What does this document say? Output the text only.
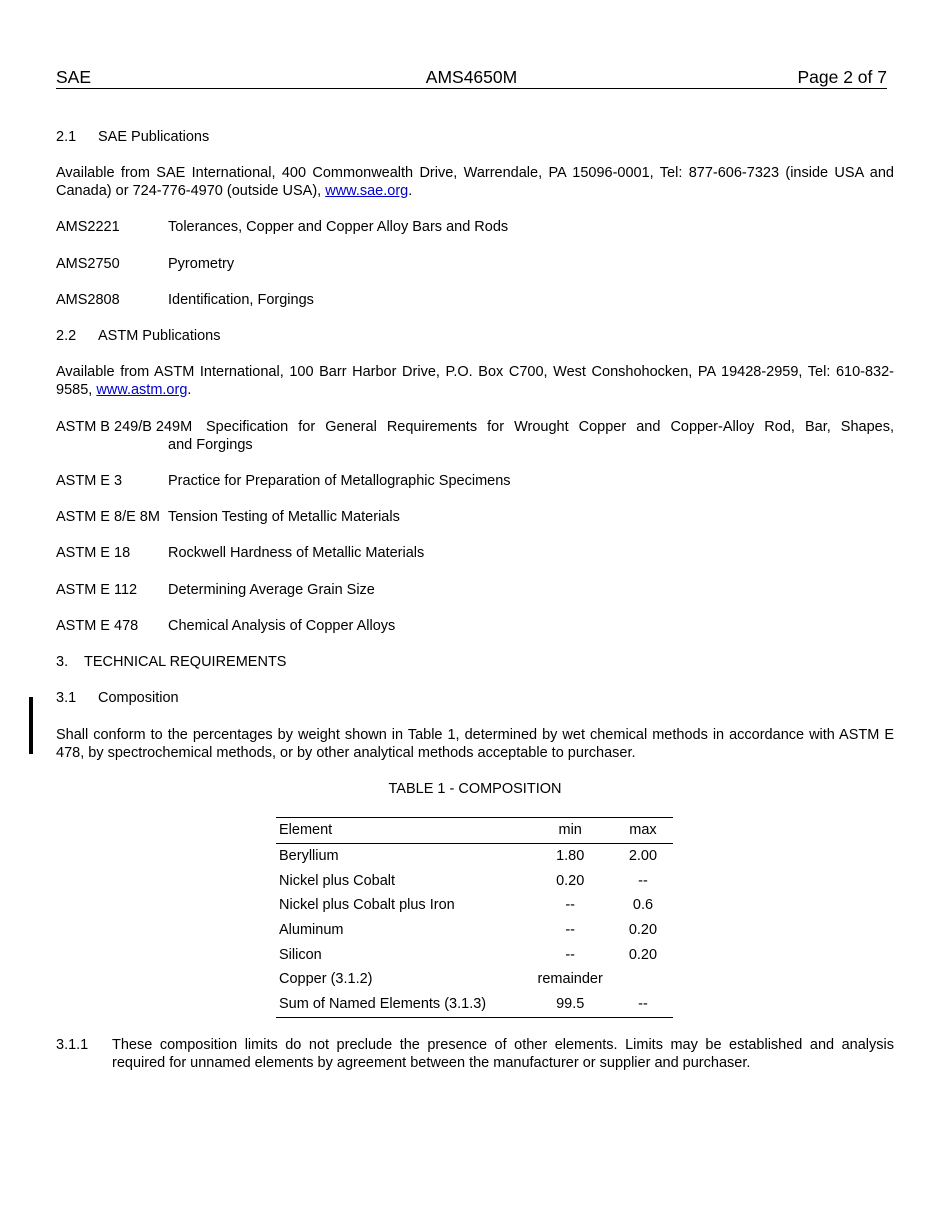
SAE	AMS4650M	Page 2 of 7
2.1 SAE Publications
Available from SAE International, 400 Commonwealth Drive, Warrendale, PA 15096-0001, Tel: 877-606-7323 (inside USA and Canada) or 724-776-4970 (outside USA), www.sae.org.
AMS2221	Tolerances, Copper and Copper Alloy Bars and Rods
AMS2750	Pyrometry
AMS2808	Identification, Forgings
2.2 ASTM Publications
Available from ASTM International, 100 Barr Harbor Drive, P.O. Box C700, West Conshohocken, PA 19428-2959, Tel: 610-832-9585, www.astm.org.
ASTM B 249/B 249M Specification for General Requirements for Wrought Copper and Copper-Alloy Rod, Bar, Shapes,
and Forgings
ASTM E 3	Practice for Preparation of Metallographic Specimens
ASTM E 8/E 8M Tension Testing of Metallic Materials
ASTM E 18	Rockwell Hardness of Metallic Materials
ASTM E 112 Determining Average Grain Size
ASTM E 478 Chemical Analysis of Copper Alloys
3. TECHNICAL REQUIREMENTS
3.1 Composition
Shall conform to the percentages by weight shown in Table 1, determined by wet chemical methods in accordance with ASTM E 478, by spectrochemical methods, or by other analytical methods acceptable to purchaser.
TABLE 1 - COMPOSITION
Element	min	max
Beryllium	1.80	2.00
Nickel plus Cobalt	0.20	--
Nickel plus Cobalt plus Iron	--	0.6
Aluminum	--	0.20
Silicon	--	0.20
Copper (3.1.2)	remainder	
Sum of Named Elements (3.1.3)	99.5	--
3.1.1 These composition limits do not preclude the presence of other elements. Limits may be established and analysis required for unnamed elements by agreement between the manufacturer or supplier and purchaser.
